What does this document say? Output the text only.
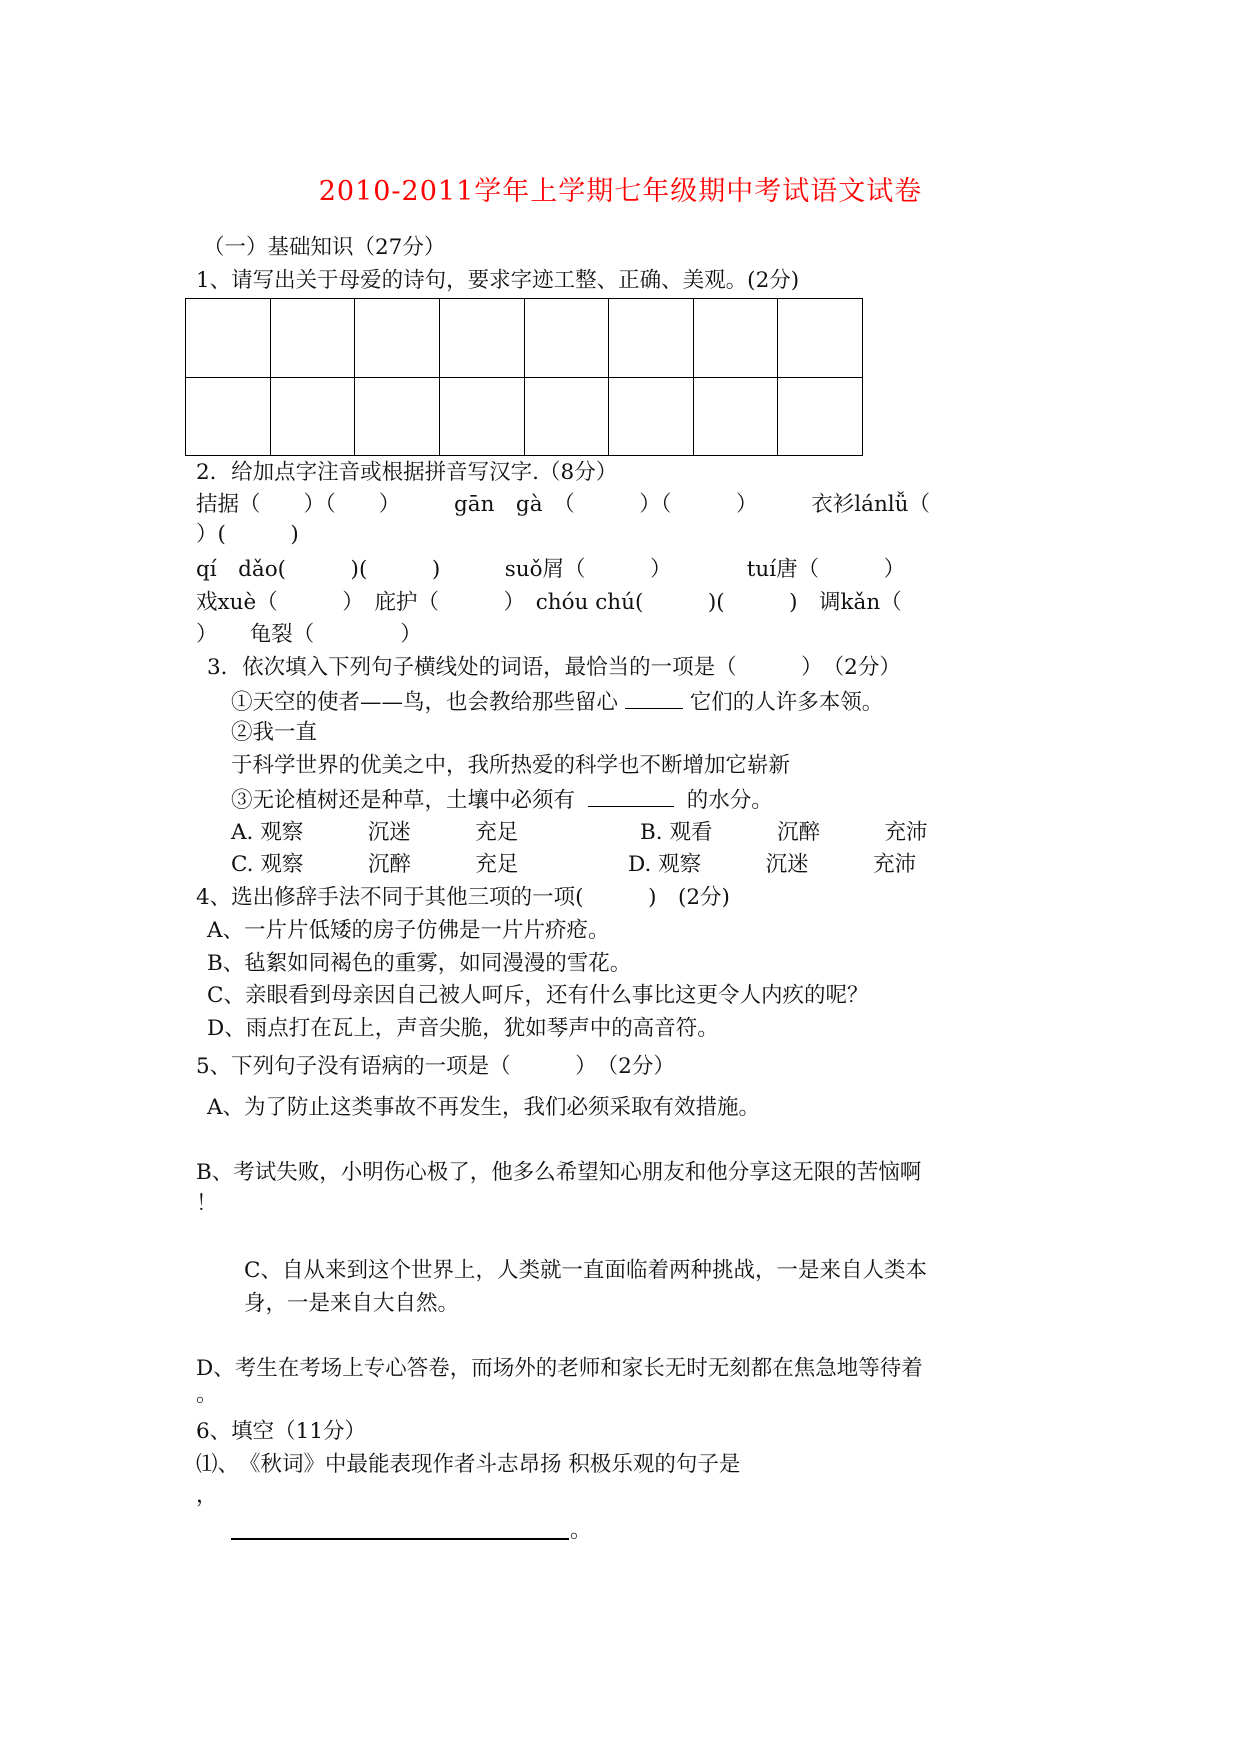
2010-2011学年上学期七年级期中考试语文试卷
（一）基础知识（27分）
1、请写出关于母爱的诗句，要求字迹工整、正确、美观。(2分)
2．给加点字注音或根据拼音写汉字.（8分）
拮据（　　）（　　）　　　gān　gà　（　　　）（　　　）　　　衣衫lánlǚ（
）(　　　)
qí　dǎo(　　　)(　　　)　　　suǒ屑（　　　）　　　　tuí唐（　　　）
戏xuè（　　　）　庇护（　　　）　chóu chú(　　　)(　　　)　调kǎn（
）　　龟裂（　　　　）
3．依次填入下列句子横线处的词语，最恰当的一项是（　　　）　（2分）
①天空的使者——鸟，也会教给那些留心	它们的人许多本领。
②我一直
于科学世界的优美之中，我所热爱的科学也不断增加它崭新
③无论植树还是种草，土壤中必须有	的水分。
A. 观察　　　沉迷　　　充足	B. 观看　　　沉醉　　　充沛
C. 观察　　　沉醉　　　充足	D. 观察　　　沉迷　　　充沛
4、选出修辞手法不同于其他三项的一项(　　　)　(2分)
A、一片片低矮的房子仿佛是一片片疥疮。
B、毡絮如同褐色的重雾，如同漫漫的雪花。
C、亲眼看到母亲因自己被人呵斥，还有什么事比这更令人内疚的呢？
D、雨点打在瓦上，声音尖脆，犹如琴声中的高音符。
5、下列句子没有语病的一项是（　　　）　（2分）
A、为了防止这类事故不再发生，我们必须采取有效措施。
B、考试失败，小明伤心极了，他多么希望知心朋友和他分享这无限的苦恼啊
！
C、自从来到这个世界上，人类就一直面临着两种挑战，一是来自人类本
身，一是来自大自然。
D、考生在考场上专心答卷，而场外的老师和家长无时无刻都在焦急地等待着
。
6、填空（11分）
⑴、　《秋词》中最能表现作者斗志昂扬 积极乐观的句子是
，
。
